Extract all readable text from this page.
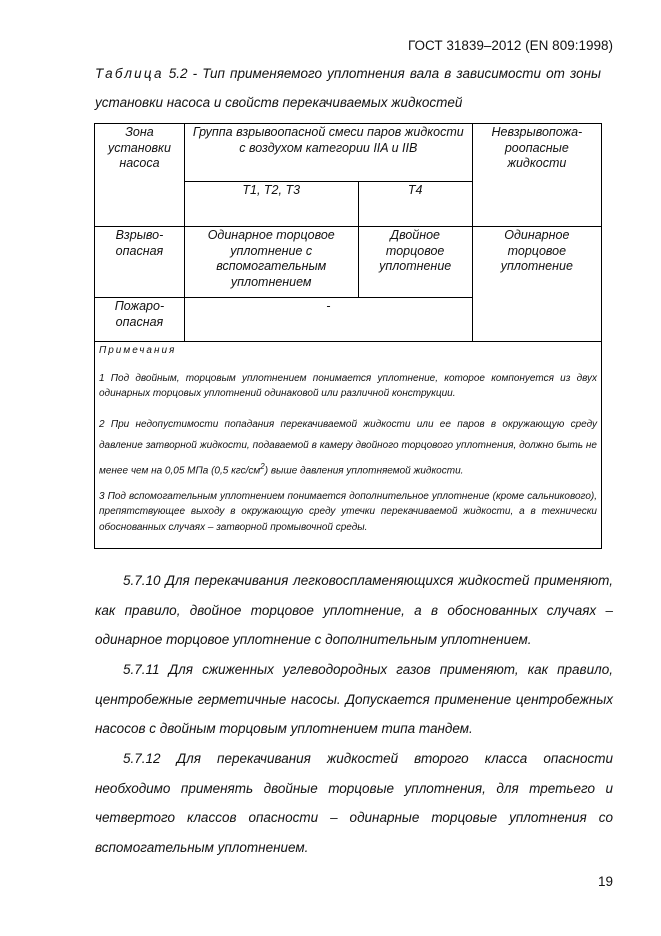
ГОСТ 31839–2012 (EN 809:1998)
Таблица 5.2 - Тип применяемого уплотнения вала в зависимости от зоны
установки насоса и свойств перекачиваемых жидкостей
Зона установки насоса	Группа взрывоопасной смеси паров жидкости с воздухом категории IIA и IIB		Невзрывопожа-роопасные жидкости
	T1, T2, T3	T4	
Взрыво-опасная	Одинарное торцовое уплотнение с вспомогательным уплотнением	Двойное торцовое уплотнение	Одинарное торцовое уплотнение
Пожаро-опасная	-		

Примечания

1 Под двойным, торцовым уплотнением понимается уплотнение, которое компонуется из двух одинарных торцовых уплотнений одинаковой или различной конструкции.

2 При недопустимости попадания перекачиваемой жидкости или ее паров в окружающую среду давление затворной жидкости, подаваемой в камеру двойного торцового уплотнения, должно быть не менее чем на 0,05 МПа (0,5 кгс/$см^2$) выше давления уплотняемой жидкости.

3 Под вспомогательным уплотнением понимается дополнительное уплотнение (кроме сальникового), препятствующее выходу в окружающую среду утечки перекачиваемой жидкости, а в технически обоснованных случаях – затворной промывочной среды.			

5.7.10 Для перекачивания легковоспламеняющихся жидкостей применяют, как правило, двойное торцовое уплотнение, а в обоснованных случаях – одинарное торцовое уплотнение с дополнительным уплотнением.
5.7.11 Для сжиженных углеводородных газов применяют, как правило, центробежные герметичные насосы. Допускается применение центробежных насосов с двойным торцовым уплотнением типа тандем.
5.7.12 Для перекачивания жидкостей второго класса опасности необходимо применять двойные торцовые уплотнения, для третьего и четвертого классов опасности – одинарные торцовые уплотнения со вспомогательным уплотнением.
19
